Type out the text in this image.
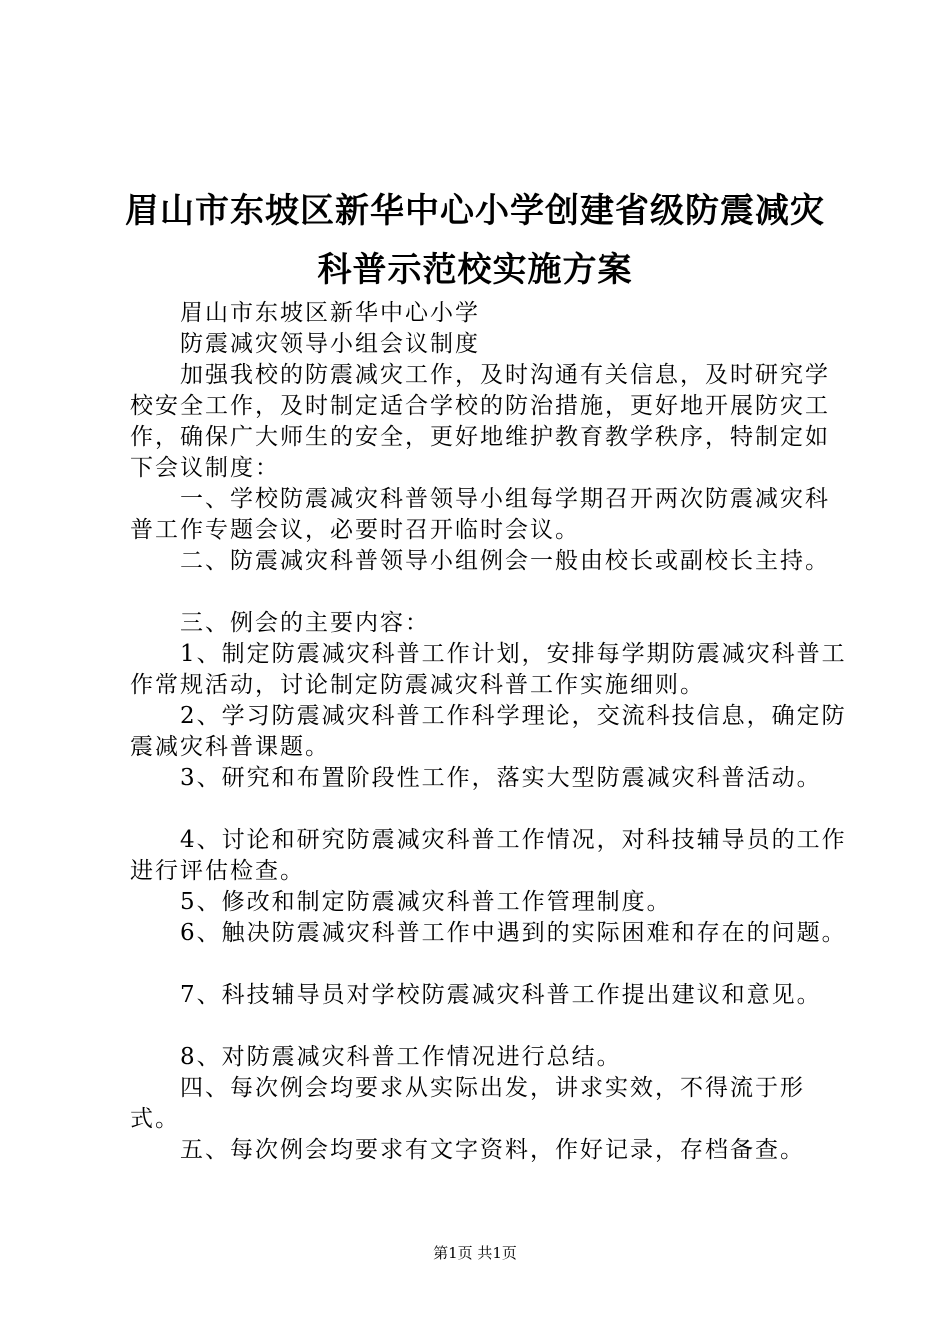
眉山市东坡区新华中心小学创建省级防震减灾
科普示范校实施方案

眉山市东坡区新华中心小学

防震减灾领导小组会议制度

加强我校的防震减灾工作，及时沟通有关信息，及时研究学校安全工作，及时制定适合学校的防治措施，更好地开展防灾工作，确保广大师生的安全，更好地维护教育教学秩序，特制定如下会议制度：

一、学校防震减灾科普领导小组每学期召开两次防震减灾科普工作专题会议，必要时召开临时会议。

二、防震减灾科普领导小组例会一般由校长或副校长主持。

三、例会的主要内容：

1、制定防震减灾科普工作计划，安排每学期防震减灾科普工作常规活动，讨论制定防震减灾科普工作实施细则。

2、学习防震减灾科普工作科学理论，交流科技信息，确定防震减灾科普课题。

3、研究和布置阶段性工作，落实大型防震减灾科普活动。

4、讨论和研究防震减灾科普工作情况，对科技辅导员的工作进行评估检查。

5、修改和制定防震减灾科普工作管理制度。

6、触决防震减灾科普工作中遇到的实际困难和存在的问题。

7、科技辅导员对学校防震减灾科普工作提出建议和意见。

8、对防震减灾科普工作情况进行总结。

四、每次例会均要求从实际出发，讲求实效，不得流于形式。

五、每次例会均要求有文字资料，作好记录，存档备查。

第1页 共1页
